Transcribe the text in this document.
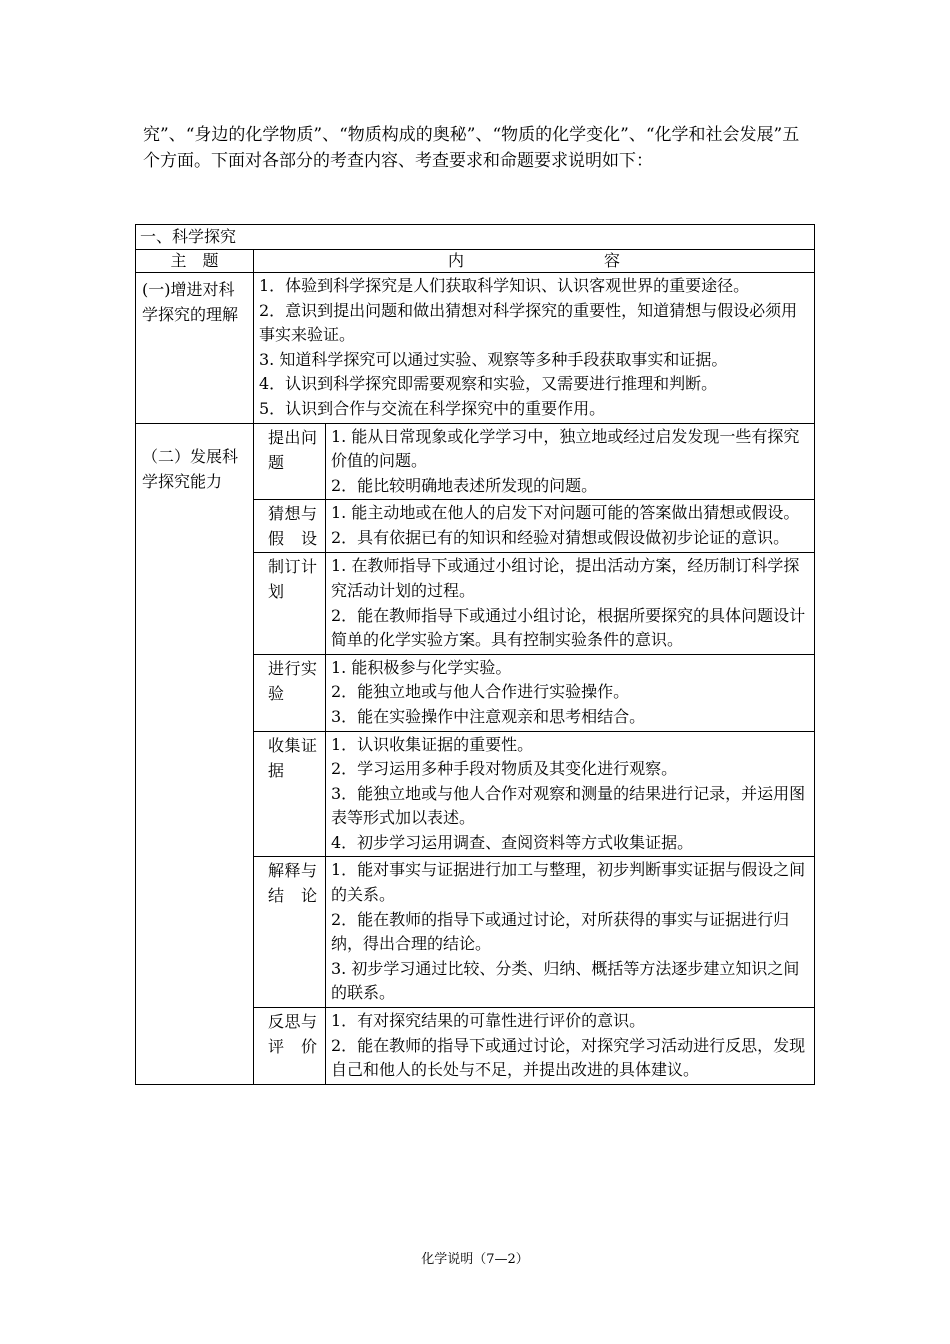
究”、“身边的化学物质”、“物质构成的奥秘”、“物质的化学变化”、“化学和社会发展”五个方面。下面对各部分的考查内容、考查要求和命题要求说明如下：

一、科学探究		
主　题	内 容	

(一)增进对科学探究的理解	1．体验到科学探究是人们获取科学知识、认识客观世界的重要途径。
2．意识到提出问题和做出猜想对科学探究的重要性，知道猜想与假设必须用事实来验证。
3. 知道科学探究可以通过实验、观察等多种手段获取事实和证据。
4．认识到科学探究即需要观察和实验，又需要进行推理和判断。
5．认识到合作与交流在科学探究中的重要作用。	

（二）发展科学探究能力	提出问题	1. 能从日常现象或化学学习中，独立地或经过启发发现一些有探究价值的问题。
2．能比较明确地表述所发现的问题。

	猜想与假设	1. 能主动地或在他人的启发下对问题可能的答案做出猜想或假设。
2．具有依据已有的知识和经验对猜想或假设做初步论证的意识。

	制订计划	1. 在教师指导下或通过小组讨论，提出活动方案，经历制订科学探究活动计划的过程。
2．能在教师指导下或通过小组讨论，根据所要探究的具体问题设计简单的化学实验方案。具有控制实验条件的意识。

	进行实验	1. 能积极参与化学实验。
2．能独立地或与他人合作进行实验操作。
3．能在实验操作中注意观亲和思考相结合。

	收集证据	1．认识收集证据的重要性。
2．学习运用多种手段对物质及其变化进行观察。
3．能独立地或与他人合作对观察和测量的结果进行记录，并运用图表等形式加以表述。
4．初步学习运用调查、查阅资料等方式收集证据。

	解释与结论	1．能对事实与证据进行加工与整理，初步判断事实证据与假设之间的关系。
2．能在教师的指导下或通过讨论，对所获得的事实与证据进行归纳，得出合理的结论。
3. 初步学习通过比较、分类、归纳、概括等方法逐步建立知识之间的联系。

	反思与评价	1．有对探究结果的可靠性进行评价的意识。
2．能在教师的指导下或通过讨论，对探究学习活动进行反思，发现自己和他人的长处与不足，并提出改进的具体建议。
化学说明（7—2）
